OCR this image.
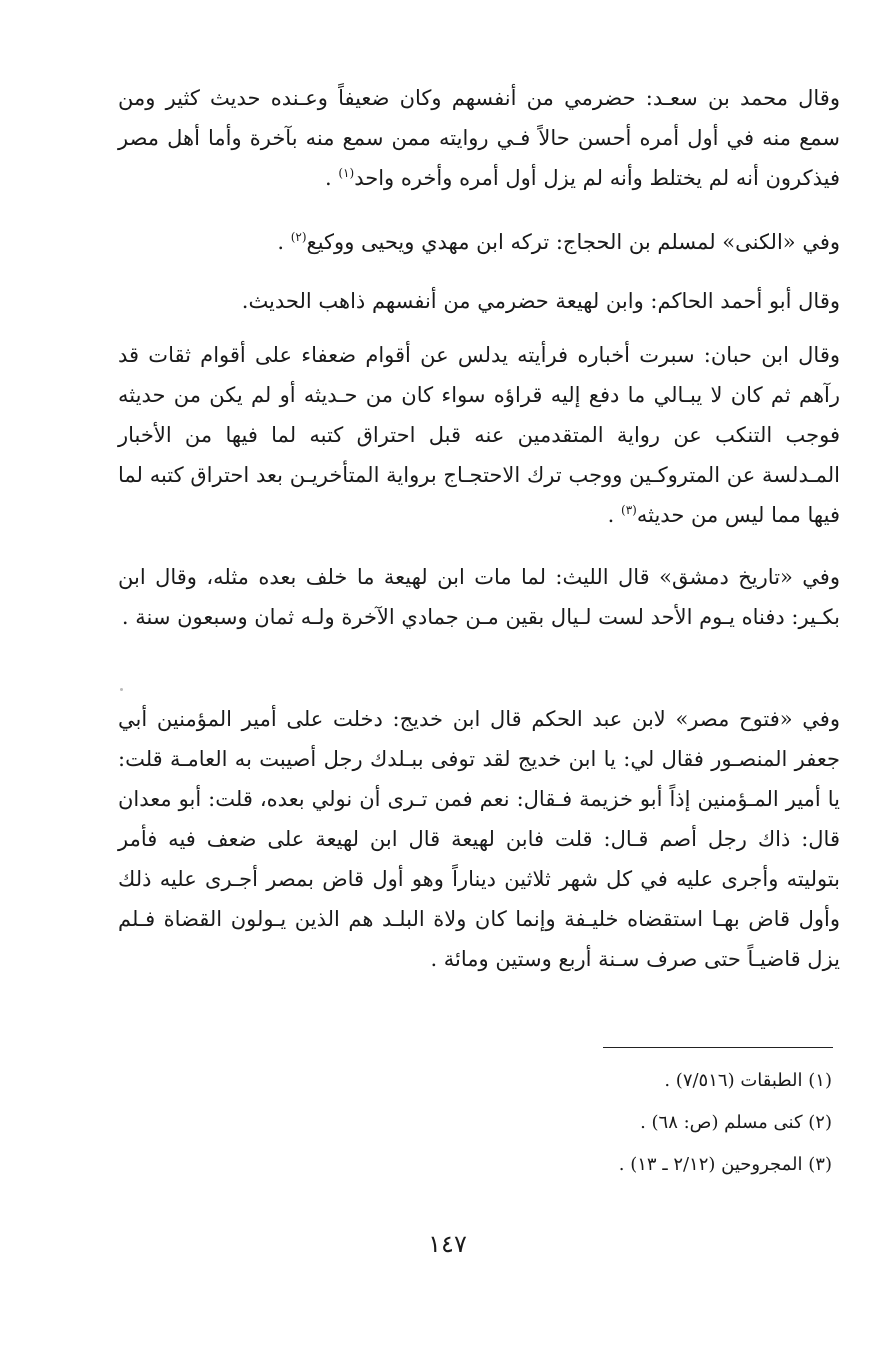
وقال محمد بن سعـد: حضرمي من أنفسهم وكان ضعيفاً وعـنده حديث كثير ومن سمع منه في أول أمره أحسن حالاً فـي روايته ممن سمع منه بآخرة وأما أهل مصر فيذكرون أنه لم يختلط وأنه لم يزل أول أمره وأخره واحد$^{(١)}$ .
وفي «الكنى» لمسلم بن الحجاج: تركه ابن مهدي ويحيى ووكيع$^{(٢)}$ .
وقال أبو أحمد الحاكم: وابن لهيعة حضرمي من أنفسهم ذاهب الحديث.
وقال ابن حبان: سبرت أخباره فرأيته يدلس عن أقوام ضعفاء على أقوام ثقات قد رآهم ثم كان لا يبـالي ما دفع إليه قراؤه سواء كان من حـديثه أو لم يكن من حديثه فوجب التنكب عن رواية المتقدمين عنه قبل احتراق كتبه لما فيها من الأخبار المـدلسة عن المتروكـين ووجب ترك الاحتجـاج برواية المتأخريـن بعد احتراق كتبه لما فيها مما ليس من حديثه$^{(٣)}$ .
وفي «تاريخ دمشق» قال الليث: لما مات ابن لهيعة ما خلف بعده مثله، وقال ابن بكـير: دفناه يـوم الأحد لست لـيال بقين مـن جمادي الآخرة ولـه ثمان وسبعون سنة .
وفي «فتوح مصر» لابن عبد الحكم قال ابن خديج: دخلت على أمير المؤمنين أبي جعفر المنصـور فقال لي: يا ابن خديج لقد توفى ببـلدك رجل أصيبت به العامـة قلت: يا أمير المـؤمنين إذاً أبو خزيمة فـقال: نعم فمن تـرى أن نولي بعده، قلت: أبو معدان قال: ذاك رجل أصم قـال: قلت فابن لهيعة قال ابن لهيعة على ضعف فيه فأمر بتوليته وأجرى عليه في كل شهر ثلاثين ديناراً وهو أول قاض بمصر أجـرى عليه ذلك وأول قاض بهـا استقضاه خليـفة وإنما كان ولاة البلـد هم الذين يـولون القضاة فـلم يزل قاضيـاً حتى صرف سـنة أربع وستين ومائة .
(١) الطبقات (٧/٥١٦) .
(٢) كنى مسلم (ص: ٦٨) .
(٣) المجروحين (٢/١٢ ـ ١٣) .
١٤٧
